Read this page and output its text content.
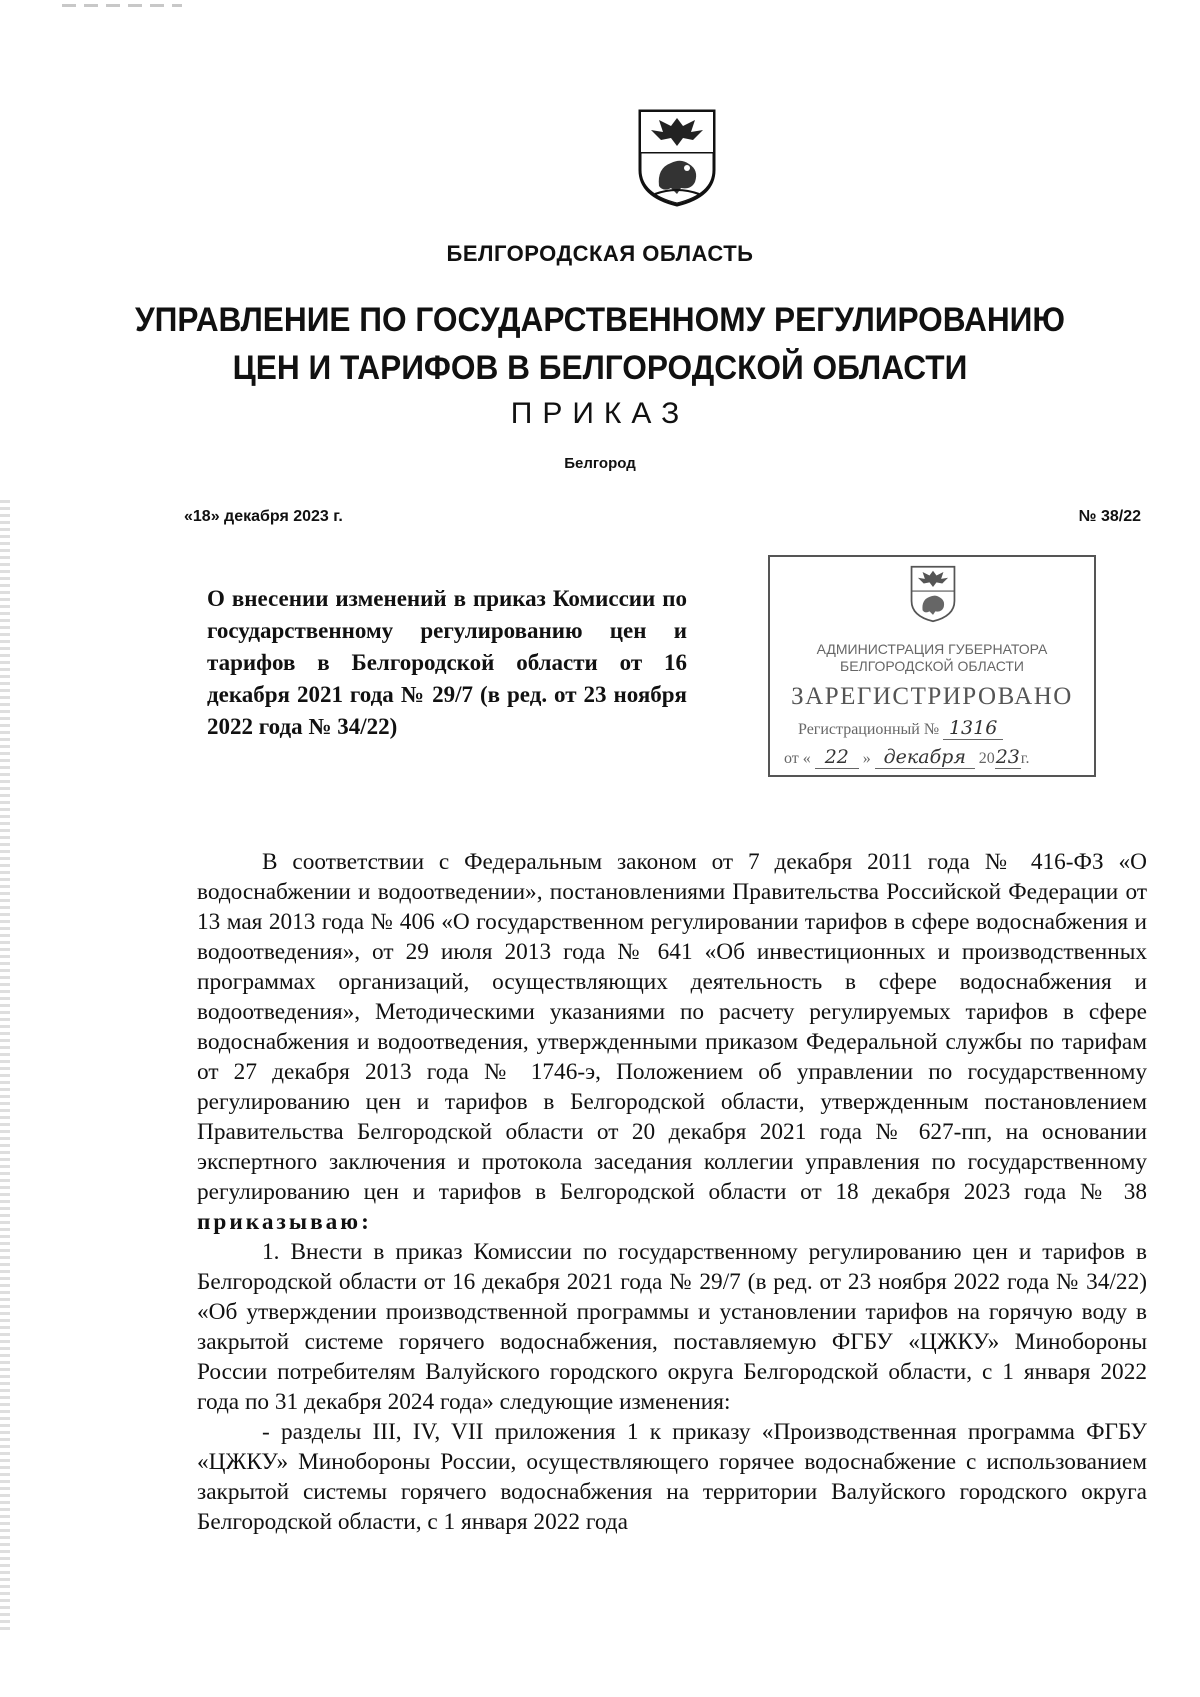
БЕЛГОРОДСКАЯ ОБЛАСТЬ
УПРАВЛЕНИЕ ПО ГОСУДАРСТВЕННОМУ РЕГУЛИРОВАНИЮ
ЦЕН И ТАРИФОВ В БЕЛГОРОДСКОЙ ОБЛАСТИ
ПРИКАЗ
Белгород
«18» декабря 2023 г.	№ 38/22
О внесении изменений в приказ Комиссии по государственному регулированию цен и тарифов в Белгородской области от 16 декабря 2021 года № 29/7 (в ред. от 23 ноября 2022 года № 34/22)
АДМИНИСТРАЦИЯ ГУБЕРНАТОРА
БЕЛГОРОДСКОЙ ОБЛАСТИ
ЗАРЕГИСТРИРОВАНО
Регистрационный № 1316
от « 22 » декабря 2023г.

В соответствии с Федеральным законом от 7 декабря 2011 года № 416-ФЗ «О водоснабжении и водоотведении», постановлениями Правительства Российской Федерации от 13 мая 2013 года № 406 «О государственном регулировании тарифов в сфере водоснабжения и водоотведения», от 29 июля 2013 года № 641 «Об инвестиционных и производственных программах организаций, осуществляющих деятельность в сфере водоснабжения и водоотведения», Методическими указаниями по расчету регулируемых тарифов в сфере водоснабжения и водоотведения, утвержденными приказом Федеральной службы по тарифам от 27 декабря 2013 года № 1746-э, Положением об управлении по государственному регулированию цен и тарифов в Белгородской области, утвержденным постановлением Правительства Белгородской области от 20 декабря 2021 года № 627-пп, на основании экспертного заключения и протокола заседания коллегии управления по государственному регулированию цен и тарифов в Белгородской области от 18 декабря 2023 года № 38 приказываю:

1. Внести в приказ Комиссии по государственному регулированию цен и тарифов в Белгородской области от 16 декабря 2021 года № 29/7 (в ред. от 23 ноября 2022 года № 34/22) «Об утверждении производственной программы и установлении тарифов на горячую воду в закрытой системе горячего водоснабжения, поставляемую ФГБУ «ЦЖКУ» Минобороны России потребителям Валуйского городского округа Белгородской области, с 1 января 2022 года по 31 декабря 2024 года» следующие изменения:

- разделы III, IV, VII приложения 1 к приказу «Производственная программа ФГБУ «ЦЖКУ» Минобороны России, осуществляющего горячее водоснабжение с использованием закрытой системы горячего водоснабжения на территории Валуйского городского округа Белгородской области, с 1 января 2022 года
